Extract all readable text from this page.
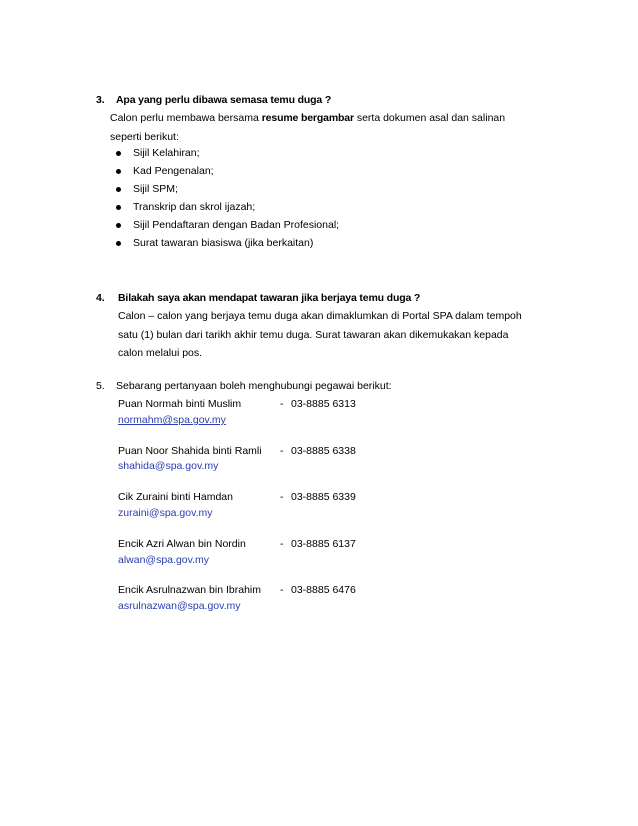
3.

Apa yang perlu dibawa semasa temu duga ?

Calon perlu membawa bersama resume bergambar serta dokumen asal dan salinan
seperti berikut:
Sijil Kelahiran;
Kad Pengenalan;
Sijil SPM;
Transkrip dan skrol ijazah;
Sijil Pendaftaran dengan Badan Profesional;
Surat tawaran biasiswa (jika berkaitan)

4.

Bilakah saya akan mendapat tawaran jika berjaya temu duga ?

Calon – calon yang berjaya temu duga akan dimaklumkan di Portal SPA dalam tempoh
satu (1) bulan dari tarikh akhir temu duga. Surat tawaran akan dikemukakan kepada
calon melalui pos.

5.

Sebarang pertanyaan boleh menghubungi pegawai berikut:

Puan Normah binti Muslim	- 03-8885 6313
normahm@spa.gov.my
Puan Noor Shahida binti Ramli - 03-8885 6338
shahida@spa.gov.my
Cik Zuraini binti Hamdan	- 03-8885 6339
zuraini@spa.gov.my
Encik Azri Alwan bin Nordin	- 03-8885 6137
alwan@spa.gov.my
Encik Asrulnazwan bin Ibrahim - 03-8885 6476
asrulnazwan@spa.gov.my
